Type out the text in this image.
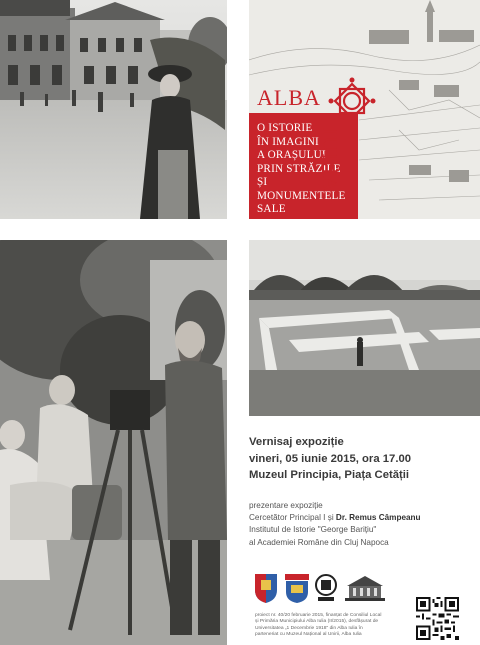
O ISTORIE
ÎN IMAGINI
A ORAȘULUI
PRIN STRĂZILE
ȘI MONUMENTELE
SALE
ALBA
IULIA
Vernisaj expoziție
vineri, 05 iunie 2015, ora 17.00
Muzeul Principia, Piața Cetății
prezentare expoziție
Cercetător Principal I și Dr. Remus Câmpeanu
Institutul de Istorie "George Barițiu"
al Academiei Române din Cluj Napoca
proiect nr. 40/20 februarie 2015, finanțat de Consiliul Local
și Primăria Municipiului Alba Iulia (II/2015), desfășurat de
Universitatea „1 Decembrie 1918" din Alba Iulia în
parteneriat cu Muzeul Național al Unirii, Alba Iulia
